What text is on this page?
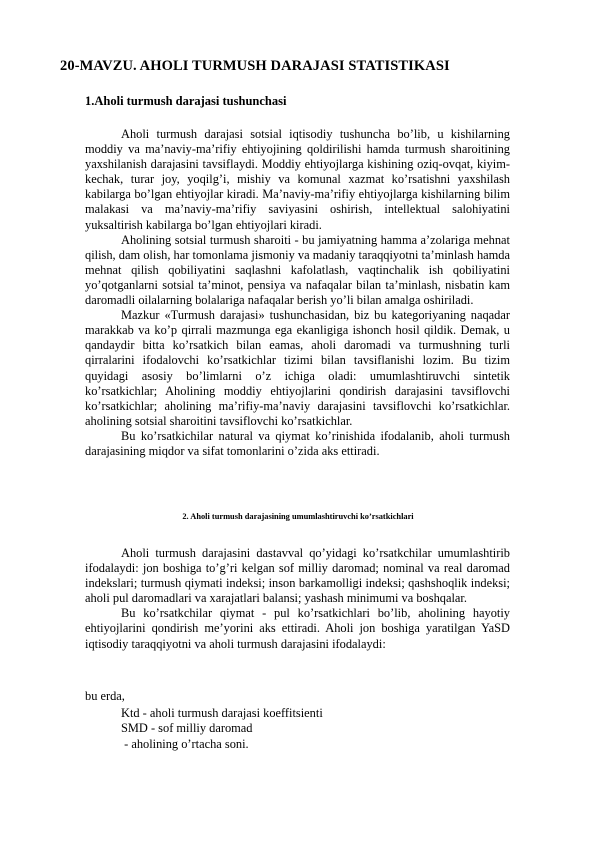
20-MAVZU. AHOLI TURMUSH DARAJASI STATISTIKASI
1.Aholi turmush darajasi tushunchasi

Aholi turmush darajasi sotsial iqtisodiy tushuncha bo’lib, u kishilarning moddiy va ma’naviy-ma’rifiy ehtiyojining qoldirilishi hamda turmush sharoitining yaxshilanish darajasini tavsiflaydi. Moddiy ehtiyojlarga kishining oziq-ovqat, kiyim-kechak, turar joy, yoqilg’i, mishiy va komunal xazmat ko’rsatishni yaxshilash kabilarga bo’lgan ehtiyojlar kiradi. Ma’naviy-ma’rifiy ehtiyojlarga kishilarning bilim malakasi va ma’naviy-ma’rifiy saviyasini oshirish, intellektual salohiyatini yuksaltirish kabilarga bo’lgan ehtiyojlari kiradi.

Aholining sotsial turmush sharoiti - bu jamiyatning hamma a’zolariga mehnat qilish, dam olish, har tomonlama jismoniy va madaniy taraqqiyotni ta’minlash hamda mehnat qilish qobiliyatini saqlashni kafolatlash, vaqtinchalik ish qobiliyatini yo’qotganlarni sotsial ta’minot, pensiya va nafaqalar bilan ta’minlash, nisbatin kam daromadli oilalarning bolalariga nafaqalar berish yo’li bilan amalga oshiriladi.

Mazkur «Turmush darajasi» tushunchasidan, biz bu kategoriyaning naqadar marakkab va ko’p qirrali mazmunga ega ekanligiga ishonch hosil qildik. Demak, u qandaydir bitta ko’rsatkich bilan eamas, aholi daromadi va turmushning turli qirralarini ifodalovchi ko’rsatkichlar tizimi bilan tavsiflanishi lozim. Bu tizim quyidagi asosiy bo’limlarni o’z ichiga oladi: umumlashtiruvchi sintetik ko’rsatkichlar; Aholining moddiy ehtiyojlarini qondirish darajasini tavsiflovchi ko’rsatkichlar; aholining ma’rifiy-ma’naviy darajasini tavsiflovchi ko’rsatkichlar. aholining sotsial sharoitini tavsiflovchi ko’rsatkichlar.

Bu ko’rsatkichilar natural va qiymat ko’rinishida ifodalanib, aholi turmush darajasining miqdor va sifat tomonlarini o’zida aks ettiradi.

2. Aholi turmush darajasining umumlashtiruvchi ko’rsatkichlari

Aholi turmush darajasini dastavval qo’yidagi ko’rsatkchilar umumlashtirib ifodalaydi: jon boshiga to’g’ri kelgan sof milliy daromad; nominal va real daromad indekslari; turmush qiymati indeksi; inson barkamolligi indeksi; qashshoqlik indeksi; aholi pul daromadlari va xarajatlari balansi; yashash minimumi va boshqalar.

Bu ko’rsatkchilar qiymat - pul ko’rsatkichlari bo’lib, aholining hayotiy ehtiyojlarini qondirish me’yorini aks ettiradi. Aholi jon boshiga yaratilgan YaSD iqtisodiy taraqqiyotni va aholi turmush darajasini ifodalaydi:

bu erda,
Ktd - aholi turmush darajasi koeffitsienti
SMD - sof milliy daromad
- aholining o’rtacha soni.
